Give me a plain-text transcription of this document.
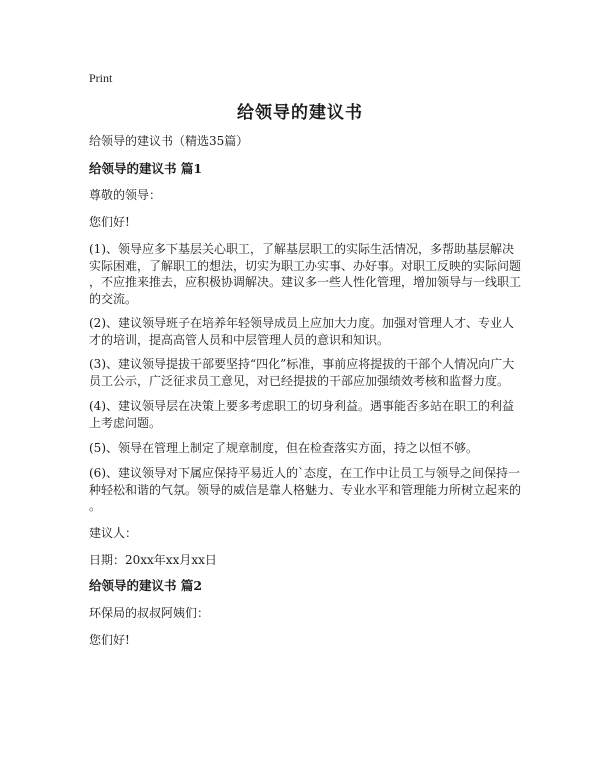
Print
给领导的建议书
给领导的建议书（精选35篇）
给领导的建议书 篇1
尊敬的领导：
您们好!
(1)、领导应多下基层关心职工，了解基层职工的实际生活情况，多帮助基层解决
实际困难，了解职工的想法，切实为职工办实事、办好事。对职工反映的实际问题
，不应推来推去，应积极协调解决。建议多一些人性化管理，增加领导与一线职工
的交流。
(2)、建议领导班子在培养年轻领导成员上应加大力度。加强对管理人才、专业人
才的培训，提高高管人员和中层管理人员的意识和知识。
(3)、建议领导提拔干部要坚持“四化”标准，事前应将提拔的干部个人情况向广大
员工公示，广泛征求员工意见，对已经提拔的干部应加强绩效考核和监督力度。
(4)、建议领导层在决策上要多考虑职工的切身利益。遇事能否多站在职工的利益
上考虑问题。
(5)、领导在管理上制定了规章制度，但在检查落实方面，持之以恒不够。
(6)、建议领导对下属应保持平易近人的`态度，在工作中让员工与领导之间保持一
种轻松和谐的气氛。领导的威信是靠人格魅力、专业水平和管理能力所树立起来的
。
建议人：
日期：20xx年xx月xx日
给领导的建议书 篇2
环保局的叔叔阿姨们：
您们好!
